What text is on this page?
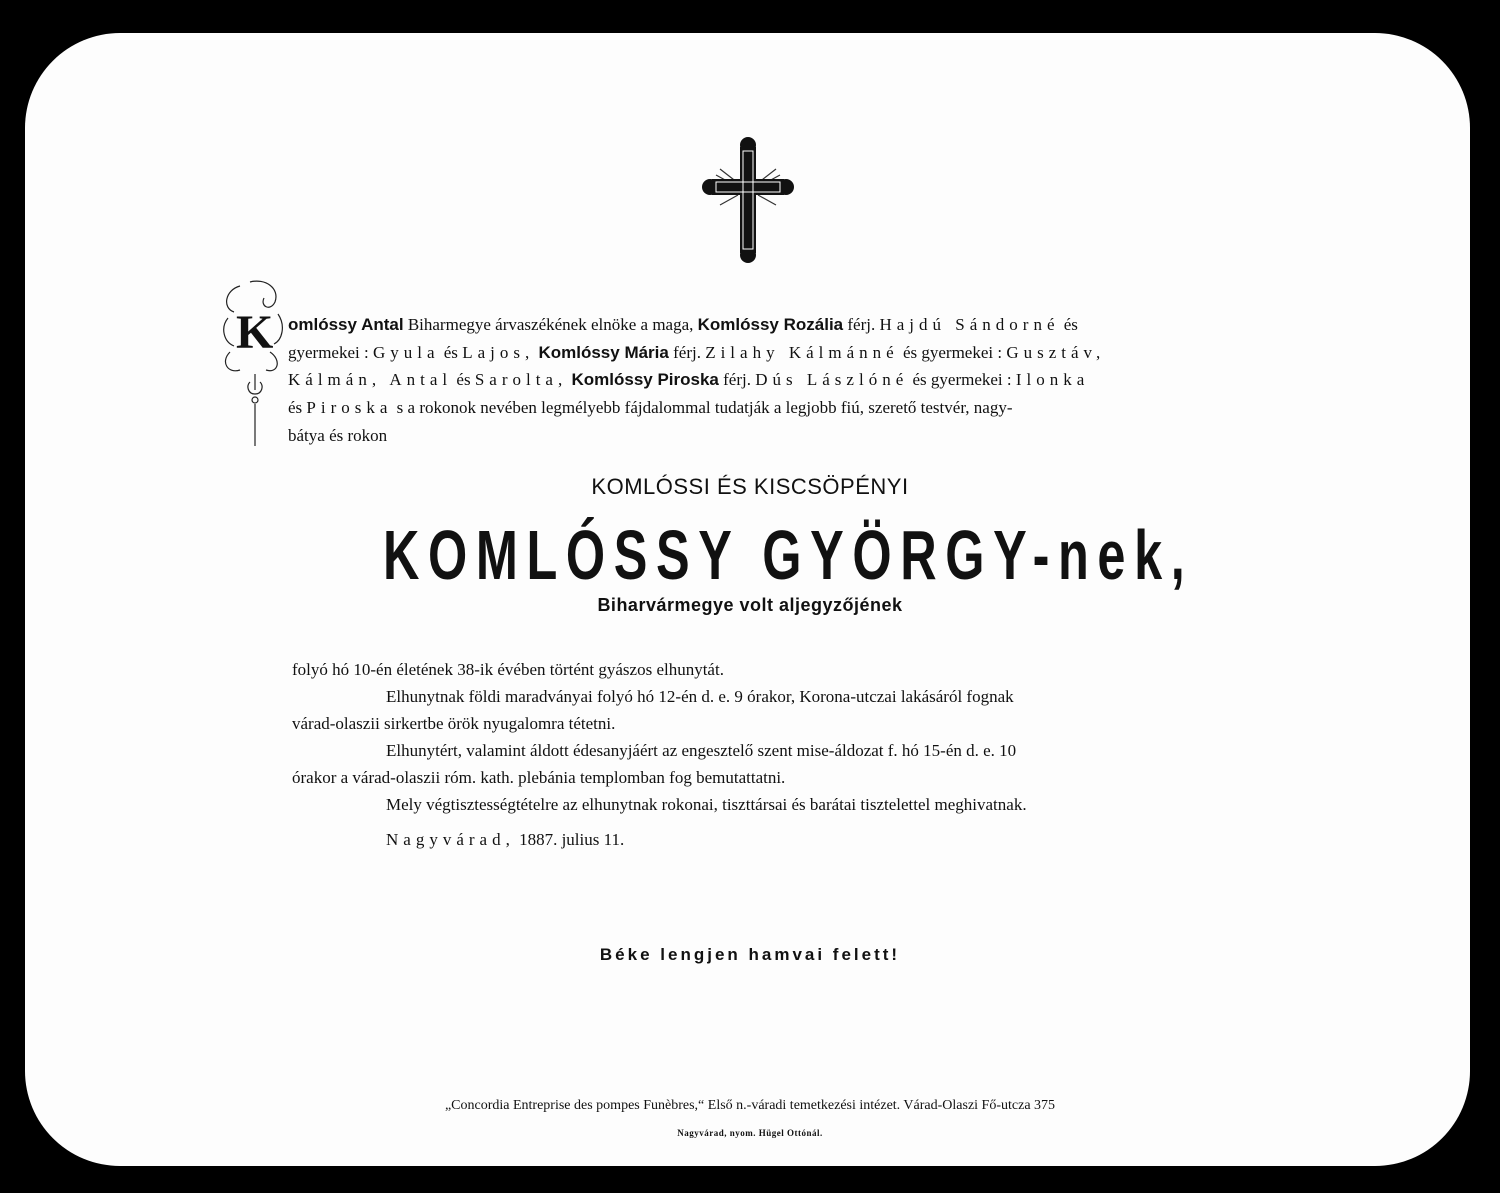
K omlóssy Antal Biharmegye árvaszékének elnöke a maga, Komlóssy Rozália férj. Hajdú Sándorné és
gyermekei : Gyula és Lajos, Komlóssy Mária férj. Zilahy Kálmánné és gyermekei : Gusztáv,
Kálmán, Antal és Sarolta, Komlóssy Piroska férj. Dús Lászlóné és gyermekei : Ilonka
és Piroska s a rokonok nevében legmélyebb fájdalommal tudatják a legjobb fiú, szerető testvér, nagy-
bátya és rokon
KOMLÓSSI ÉS KISCSÖPÉNYI
KOMLÓSSY GYÖRGY-nek,
Biharvármegye volt aljegyzőjének
folyó hó 10-én életének 38-ik évében történt gyászos elhunytát.
Elhunytnak földi maradványai folyó hó 12-én d. e. 9 órakor, Korona-utczai lakásáról fognak
várad-olaszii sirkertbe örök nyugalomra tétetni.
Elhunytért, valamint áldott édesanyjáért az engesztelő szent mise-áldozat f. hó 15-én d. e. 10
órakor a várad-olaszii róm. kath. plebánia templomban fog bemutattatni.
Mely végtisztességtételre az elhunytnak rokonai, tiszttársai és barátai tisztelettel meghivatnak.
Nagyvárad, 1887. julius 11.
Béke lengjen hamvai felett!
„Concordia Entreprise des pompes Funèbres,“ Első n.-váradi temetkezési intézet. Várad-Olaszi Fő-utcza 375
Nagyvárad, nyom. Hügel Ottónál.
